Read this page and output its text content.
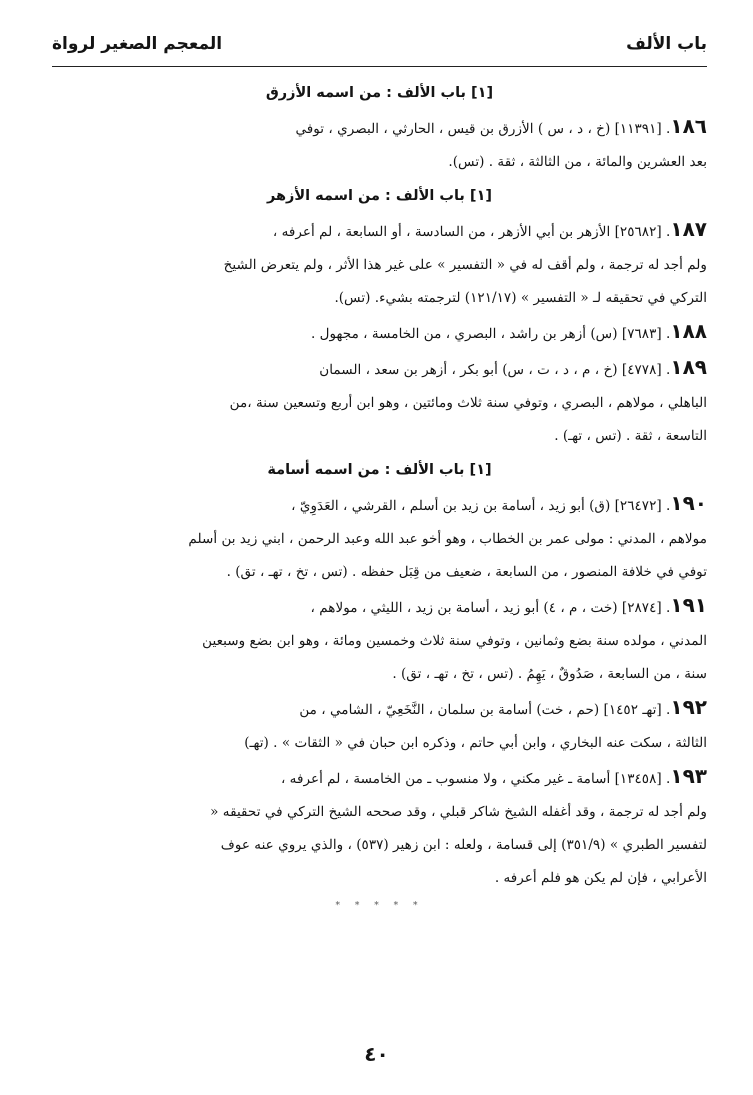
باب الألف
المعجم الصغير لرواة
[١] باب الألف : من اسمه الأزرق

١٨٦. [١١٣٩١] (خ ، د ، س ) الأزرق بن قيس ، الحارثي ، البصري ، توفي

بعد العشرين والمائة ، من الثالثة ، ثقة . (تس).

[١] باب الألف : من اسمه الأزهر

١٨٧. [٢٥٦٨٢] الأزهر بن أبي الأزهر ، من السادسة ، أو السابعة ، لم أعرفه ،

ولم أجد له ترجمة ، ولم أقف له في « التفسير » على غير هذا الأثر ، ولم يتعرض الشيخ

التركي في تحقيقه لـ « التفسير » (١٢١/١٧) لترجمته بشيء. (تس).

١٨٨. [٧٦٨٣] (س) أزهر بن راشد ، البصري ، من الخامسة ، مجهول .

١٨٩. [٤٧٧٨] (خ ، م ، د ، ت ، س) أبو بكر ، أزهر بن سعد ، السمان

الباهلي ، مولاهم ، البصري ، وتوفي سنة ثلاث ومائتين ، وهو ابن أربع وتسعين سنة ،من

التاسعة ، ثقة . (تس ، تهـ) .

[١] باب الألف : من اسمه أسامة

١٩٠. [٢٦٤٧٢] (ق) أبو زيد ، أسامة بن زيد بن أسلم ، القرشي ، العَدَوِيّ ،

مولاهم ، المدني : مولى عمر بن الخطاب ، وهو أخو عبد الله وعبد الرحمن ، ابني زيد بن أسلم

توفي في خلافة المنصور ، من السابعة ، ضعيف من قِبَل حفظه . (تس ، تخ ، تهـ ، تق) .

١٩١. [٢٨٧٤] (خت ، م ، ٤) أبو زيد ، أسامة بن زيد ، الليثي ، مولاهم ،

المدني ، مولده سنة بضع وثمانين ، وتوفي سنة ثلاث وخمسين ومائة ، وهو ابن بضع وسبعين

سنة ، من السابعة ، صَدُوقٌ ، يَهِمُ . (تس ، تخ ، تهـ ، تق) .

١٩٢. [تهـ ١٤٥٢] (حم ، خت) أسامة بن سلمان ، النَّخَعِيّ ، الشامي ، من

الثالثة ، سكت عنه البخاري ، وابن أبي حاتم ، وذكره ابن حبان في « الثقات » . (تهـ)

١٩٣. [١٣٤٥٨] أسامة ـ غير مكني ، ولا منسوب ـ من الخامسة ، لم أعرفه ،

ولم أجد له ترجمة ، وقد أغفله الشيخ شاكر قبلي ، وقد صححه الشيخ التركي في تحقيقه «

لتفسير الطبري » (٣٥١/٩) إلى قسامة ، ولعله : ابن زهير (٥٣٧) ، والذي يروي عنه عوف

الأعرابي ، فإن لم يكن هو فلم أعرفه .

* * * * *
٤٠
